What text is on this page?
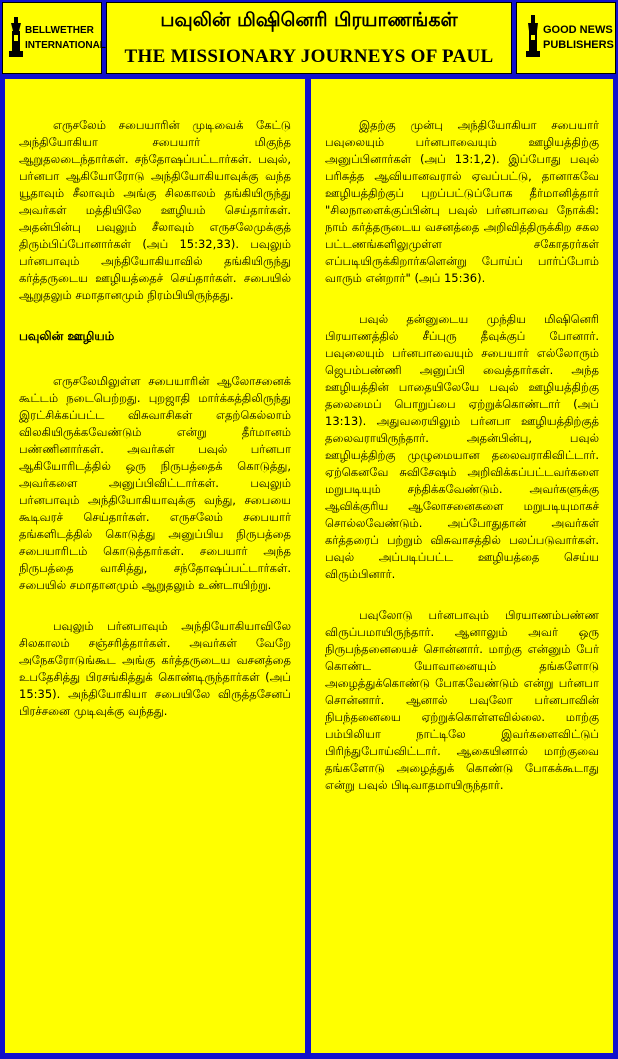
BELLWETHER
INTERNATIONAL
பவுலின் மிஷினெரி பிரயாணங்கள்
THE MISSIONARY JOURNEYS OF PAUL
GOOD NEWS
PUBLISHERS

எருசலேம் சபையாரின் முடிவைக் கேட்டு அந்தியோகியா சபையார் மிகுந்த ஆறுதலடைந்தார்கள். சந்தோஷப்பட்டார்கள். பவுல், பர்னபா ஆகியோரோடு அந்தியோகியாவுக்கு வந்த யூதாவும் சீலாவும் அங்கு சிலகாலம் தங்கியிருந்து அவர்கள் மத்தியிலே ஊழியம் செய்தார்கள். அதன்பின்பு பவுலும் சீலாவும் எருசலேமுக்குத் திரும்பிப்போனார்கள் (அப் 15:32,33). பவுலும் பர்னபாவும் அந்தியோகியாவில் தங்கியிருந்து கர்த்தருடைய ஊழியத்தைச் செய்தார்கள். சபையில் ஆறுதலும் சமாதானமும் நிரம்பியிருந்தது.

பவுலின் ஊழியம்

எருசலேமிலுள்ள சபையாரின் ஆலோசனைக் கூட்டம் நடைபெற்றது. புறஜாதி மார்க்கத்திலிருந்து இரட்சிக்கப்பட்ட விசுவாசிகள் எதற்கெல்லாம் விலகியிருக்கவேண்டும் என்று தீர்மானம் பண்ணினார்கள். அவர்கள் பவுல் பர்னபா ஆகியோரிடத்தில் ஒரு நிருபத்தைக் கொடுத்து, அவர்களை அனுப்பிவிட்டார்கள். பவுலும் பர்னபாவும் அந்தியோகியாவுக்கு வந்து, சபையை கூடிவரச் செய்தார்கள். எருசலேம் சபையார் தங்களிடத்தில் கொடுத்து அனுப்பிய நிருபத்தை சபையாரிடம் கொடுத்தார்கள். சபையார் அந்த நிருபத்தை வாசித்து, சந்தோஷப்பட்டார்கள். சபையில் சமாதானமும் ஆறுதலும் உண்டாயிற்று.

பவுலும் பர்னபாவும் அந்தியோகியாவிலே சிலகாலம் சஞ்சரித்தார்கள். அவர்கள் வேறே அநேகரோடுங்கூட அங்கு கர்த்தருடைய வசனத்தை உபதேசித்து பிரசங்கித்துக் கொண்டிருந்தார்கள் (அப் 15:35). அந்தியோகியா சபையிலே விருத்தசேனப் பிரச்சனை முடிவுக்கு வந்தது.

இதற்கு முன்பு அந்தியோகியா சபையார் பவுலையும் பர்னபாவையும் ஊழியத்திற்கு அனுப்பினார்கள் (அப் 13:1,2). இப்போது பவுல் பரிசுத்த ஆவியானவரால் ஏவப்பட்டு, தானாகவே ஊழியத்திற்குப் புறப்பட்டுப்போக தீர்மானித்தார் "சிலநாளைக்குப்பின்பு பவுல் பர்னபாவை நோக்கி: நாம் கர்த்தருடைய வசனத்தை அறிவித்திருக்கிற சகல பட்டணங்களிலுமுள்ள சகோதரர்கள் எப்படியிருக்கிறார்களென்று போய்ப் பார்ப்போம் வாரும் என்றார்" (அப் 15:36).

பவுல் தன்னுடைய முந்திய மிஷினெரி பிரயாணத்தில் சீப்புரு தீவுக்குப் போனார். பவுலையும் பர்னபாவையும் சபையார் எல்லோரும் ஜெபம்பண்ணி அனுப்பி வைத்தார்கள். அந்த ஊழியத்தின் பாதையிலேயே பவுல் ஊழியத்திற்கு தலைமைப் பொறுப்பை ஏற்றுக்கொண்டார் (அப் 13:13). அதுவரையிலும் பர்னபா ஊழியத்திற்குத் தலைவராயிருந்தார். அதன்பின்பு, பவுல் ஊழியத்திற்கு முழுமையான தலைவராகிவிட்டார். ஏற்கெனவே சுவிசேஷம் அறிவிக்கப்பட்டவர்களை மறுபடியும் சந்திக்கவேண்டும். அவர்களுக்கு ஆவிக்குரிய ஆலோசனைகளை மறுபடியுமாகச் சொல்லவேண்டும். அப்போதுதான் அவர்கள் கர்த்தரைப் பற்றும் விசுவாசத்தில் பலப்படுவார்கள். பவுல் அப்படிப்பட்ட ஊழியத்தை செய்ய விரும்பினார்.

பவுலோடு பர்னபாவும் பிரயாணம்பண்ண விருப்பமாயிருந்தார். ஆனாலும் அவர் ஒரு நிருபந்தனையைச் சொன்னார். மாற்கு என்னும் பேர் கொண்ட யோவானையும் தங்களோடு அழைத்துக்கொண்டு போகவேண்டும் என்று பர்னபா சொன்னார். ஆனால் பவுலோ பர்னபாவின் நிபந்தனையை ஏற்றுக்கொள்ளவில்லை. மாற்கு பம்பிலியா நாட்டிலே இவர்களைவிட்டுப் பிரிந்துபோய்விட்டார். ஆகையினால் மாற்குவை தங்களோடு அழைத்துக் கொண்டு போகக்கூடாது என்று பவுல் பிடிவாதமாயிருந்தார்.
